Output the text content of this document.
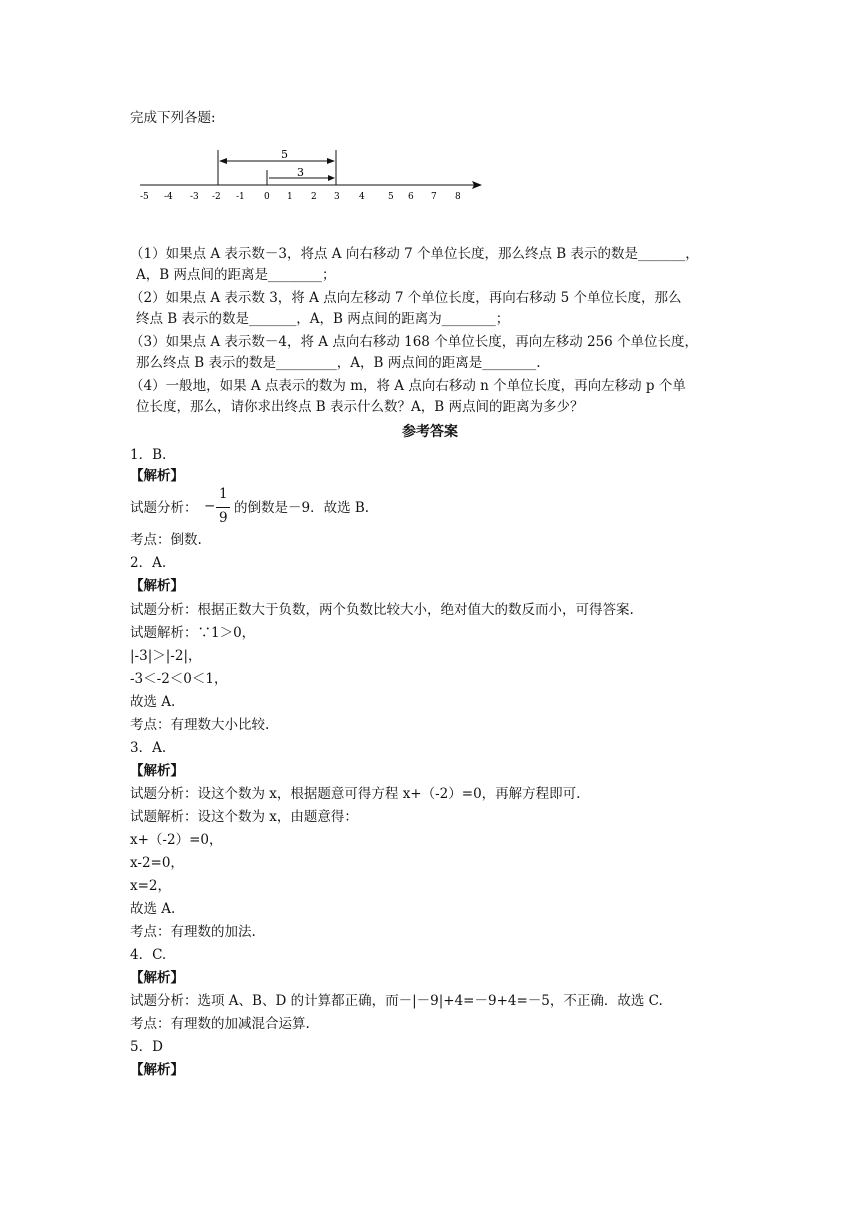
完成下列各题:
5
3
-5 -4 -3 -2 -1 0 1 2 3 4	5 6 7 8
（1）如果点 A 表示数－3，将点 A 向右移动 7 个单位长度，那么终点 B 表示的数是_______，
A，B 两点间的距离是________；
（2）如果点 A 表示数 3，将 A 点向左移动 7 个单位长度，再向右移动 5 个单位长度，那么
终点 B 表示的数是_______，A，B 两点间的距离为________；
（3）如果点 A 表示数－4，将 A 点向右移动 168 个单位长度，再向左移动 256 个单位长度，
那么终点 B 表示的数是_________，A，B 两点间的距离是________.
（4）一般地，如果 A 点表示的数为 m，将 A 点向右移动 n 个单位长度，再向左移动 p 个单
位长度，那么，请你求出终点 B 表示什么数？A，B 两点间的距离为多少？
参考答案
1．B.
【解析】
试题分析： −
1
9
的倒数是－9．故选 B.
考点：倒数.
2．A.
【解析】
试题分析：根据正数大于负数，两个负数比较大小，绝对值大的数反而小，可得答案.
试题解析：∵1＞0，
|-3|＞|-2|，
-3＜-2＜0＜1，
故选 A.
考点：有理数大小比较.
3．A.
【解析】
试题分析：设这个数为 x，根据题意可得方程 x+（-2）=0，再解方程即可.
试题解析：设这个数为 x，由题意得：
x+（-2）=0，
x-2=0，
x=2，
故选 A.
考点：有理数的加法.
4．C.
【解析】
试题分析：选项 A、B、D 的计算都正确，而－|－9|+4=－9+4=－5，不正确．故选 C.
考点：有理数的加减混合运算.
5．D
【解析】
